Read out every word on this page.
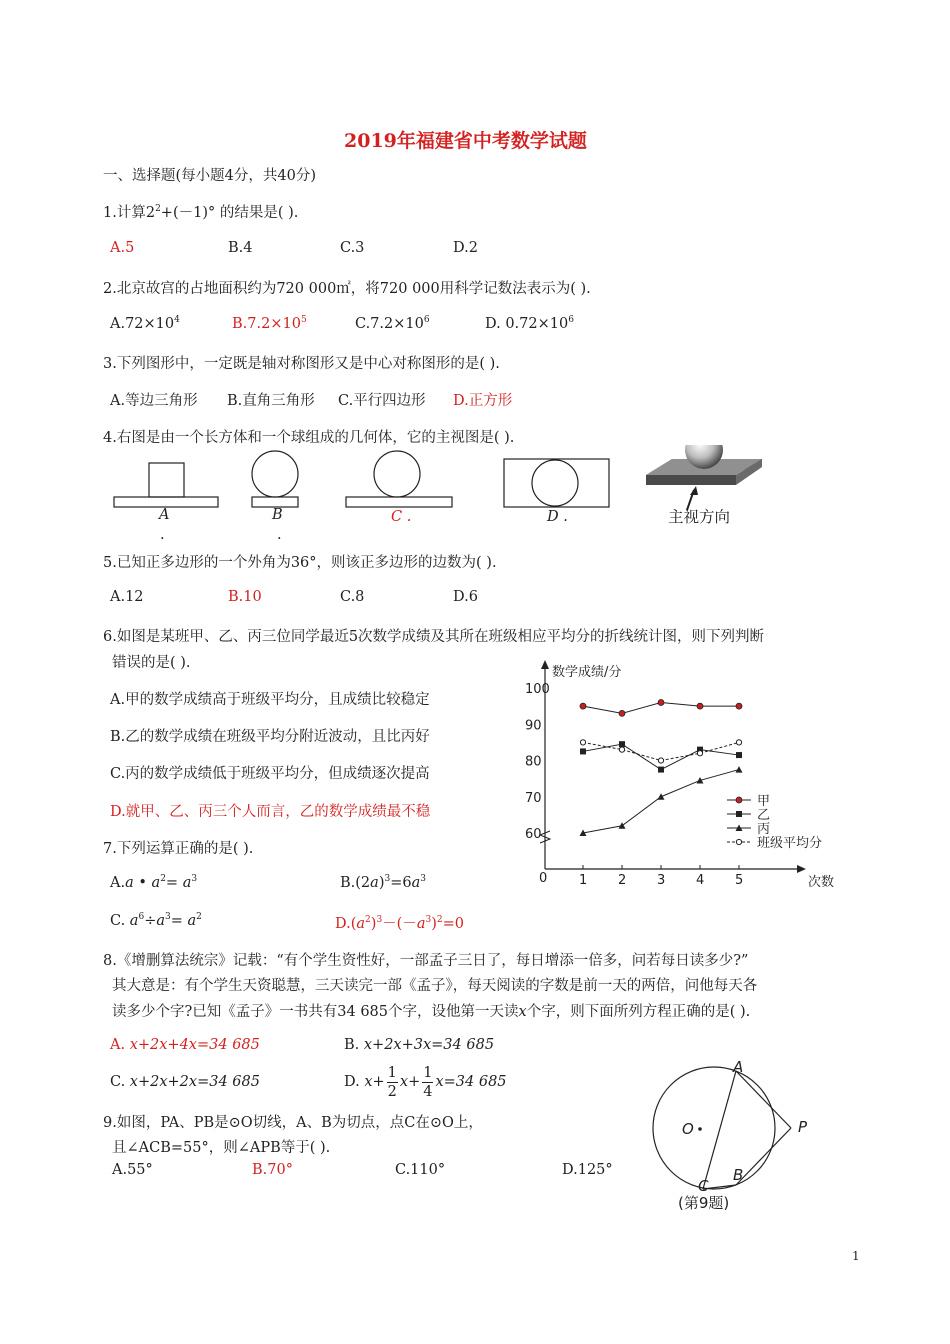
2019年福建省中考数学试题
一、选择题(每小题4分，共40分)
1.计算$2^2+(-1)^\circ$ 的结果是( ).
A.5	B.4	C.3	D.2
2.北京故宫的占地面积约为720 000㎡，将720 000用科学记数法表示为( ).
$A.72\times 10^4$	$B.7.2\times 10^5$	$C.7.2\times 10^6$	D. $0.72\times 10^6$
3.下列图形中，一定既是轴对称图形又是中心对称图形的是( ).
A.等边三角形 B.直角三角形 C.平行四边形 D.正方形
4.右图是由一个长方体和一个球组成的几何体，它的主视图是( ).
A
.
B
.
C .	D .	主视方向
5.已知正多边形的一个外角为36°，则该正多边形的边数为( ).
A.12	B.10	C.8	D.6
6.如图是某班甲、乙、丙三位同学最近5次数学成绩及其所在班级相应平均分的折线统计图，则下列判断
错误的是( ).
A.甲的数学成绩高于班级平均分，且成绩比较稳定
B.乙的数学成绩在班级平均分附近波动，且比丙好
C.丙的数学成绩低于班级平均分，但成绩逐次提高
D.就甲、乙、丙三个人而言，乙的数学成绩最不稳
数学成绩/分
次数
0
60
70
80
90
100
1 2 3 4 5
甲
乙
丙
班级平均分
7.下列运算正确的是( ).
A.a • $a^2= a^3$	$B.(2a)^3=6a^3$
C. $a^6\div a^3= a^2$	$D.(a^2)^3-(-a^3)^2=0$
8.《增删算法统宗》记载：“有个学生资性好，一部孟子三日了，每日增添一倍多，问若每日读多少?”
其大意是：有个学生天资聪慧，三天读完一部《孟子》，每天阅读的字数是前一天的两倍，问他每天各
读多少个字?已知《孟子》一书共有34 685个字，设他第一天读x个字，则下面所列方程正确的是( ).
A. x+2x+4x=34 685	B. x+2x+3x=34 685
C. x+2x+2x=34 685	D. $x+ \frac{1}{2} x+ \frac{1}{4} x=34$ 685
9.如图，PA、PB是⊙O切线，A、B为切点，点C在⊙O上，
且∠ACB=55°，则∠APB等于( ).
A.55°	B.70°	C.110°	D.125°
A
B
C
O	P
(第9题)
1
